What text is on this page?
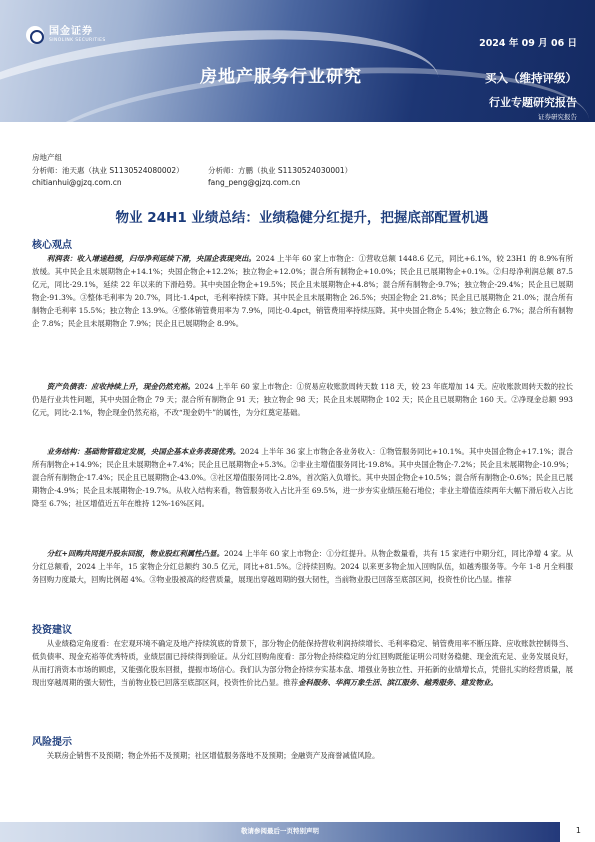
国金证券
SINOLINK SECURITIES	2024 年 09 月 06 日
房地产服务行业研究	买入（维持评级）
行业专题研究报告
证券研究报告
房地产组
分析师：池天惠（执业 S1130524080002）	分析师：方鹏（执业 S1130524030001）
chitianhui@gjzq.com.cn	fang_peng@gjzq.com.cn
物业 24H1 业绩总结：业绩稳健分红提升，把握底部配置机遇
核心观点
利润表：收入增速趋缓，归母净利延续下滑，央国企表现突出。2024 上半年 60 家上市物企：①营收总额 1448.6 亿元，同比+6.1%，较 23H1 的 8.9%有所放缓。其中民企且未展期物企+14.1%；央国企物企+12.2%；独立物企+12.0%；混合所有制物企+10.0%；民企且已展期物企+0.1%。②归母净利润总额 87.5 亿元，同比-29.1%，延续 22 年以来的下滑趋势。其中央国企物企+19.5%；民企且未展期物企+4.8%；混合所有制物企-9.7%；独立物企-29.4%；民企且已展期物企-91.3%。③整体毛利率为 20.7%，同比-1.4pct，毛利率持续下降。其中民企且未展期物企 26.5%；央国企物企 21.8%；民企且已展期物企 21.0%；混合所有制物企毛利率 15.5%；独立物企 13.9%。④整体销管费用率为 7.9%，同比-0.4pct，销管费用率持续压降。其中央国企物企 5.4%；独立物企 6.7%；混合所有制物企 7.8%；民企且未展期物企 7.9%；民企且已展期物企 8.9%。
资产负债表：应收持续上升，现金仍然充裕。2024 上半年 60 家上市物企：①贸易应收账款周转天数 118 天，较 23 年底增加 14 天。应收账款周转天数的拉长仍是行业共性问题，其中央国企物企 79 天；混合所有制物企 91 天；独立物企 98 天；民企且未展期物企 102 天；民企且已展期物企 160 天。②净现金总额 993 亿元，同比-2.1%，物企现金仍然充裕，不改“现金奶牛”的属性，为分红奠定基础。
业务结构：基础物管稳定发展，央国企基本业务表现优秀。2024 上半年 36 家上市物企各业务收入：①物管服务同比+10.1%。其中央国企物企+17.1%；混合所有制物企+14.9%；民企且未展期物企+7.4%；民企且已展期物企+5.3%。②非业主增值服务同比-19.8%。其中央国企物企-7.2%；民企且未展期物企-10.9%；混合所有制物企-17.4%；民企且已展期物企-43.0%。③社区增值服务同比-2.8%，首次陷入负增长。其中央国企物企+10.5%；混合所有制物企-0.6%；民企且已展期物企-4.9%；民企且未展期物企-19.7%。从收入结构来看，物管服务收入占比升至 69.5%，进一步夯实业绩压舱石地位；非业主增值连续两年大幅下滑后收入占比降至 6.7%；社区增值近五年在维持 12%-16%区间。
分红+回购共同提升股东回报，物业股红利属性凸显。2024 上半年 60 家上市物企：①分红提升。从物企数量看，共有 15 家进行中期分红，同比净增 4 家。从分红总额看，2024 上半年，15 家物企分红总额约 30.5 亿元，同比+81.5%。②持续回购。2024 以来更多物企加入回购队伍，如越秀服务等。今年 1-8 月全料服务回购力度最大，回购比例超 4%。③物业股被高的经营质量，展现出穿越周期的强大韧性，当前物业股已回落至底部区间，投资性价比凸显。推荐
投资建议
从业绩稳定角度看：在宏观环境不确定及地产持续筑底的背景下，部分物企仍能保持营收利润持续增长、毛利率稳定、销管费用率不断压降、应收账款控制得当、低负债率、现金充裕等优秀特质，业绩层面已持续得到验证。从分红回购角度看：部分物企持续稳定的分红回购既能证明公司财务稳健、现金流充足、业务发展良好，从而打消资本市场的顾虑，又能强化股东回报，提振市场信心。我们认为部分物企持续夯实基本盘、增强业务独立性、开拓新的业绩增长点，凭借扎实的经营质量，展现出穿越周期的强大韧性，当前物业股已回落至底部区间，投资性价比凸显。推荐金科服务、华润万象生活、滨江服务、越秀服务、建发物业。
风险提示
关联房企销售不及预期；物企外拓不及预期；社区增值服务落地不及预期；金融资产及商誉减值风险。
敬请参阅最后一页特别声明	1
